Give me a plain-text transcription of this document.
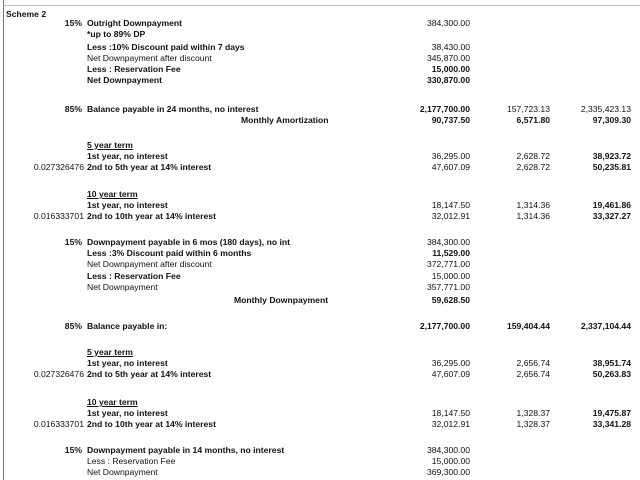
Scheme 2
15% Outright Downpayment	384,300.00
*up to 89% DP
Less :10% Discount paid within 7 days	38,430.00
Net Downpayment after discount	345,870.00
Less : Reservation Fee	15,000.00
Net Downpayment	330,870.00
85% Balance payable in 24 months, no interest	2,177,700.00	157,723.13	2,335,423.13
Monthly Amortization	90,737.50	6,571.80	97,309.30
5 year term
1st year, no interest	36,295.00	2,628.72	38,923.72
0.027326476 2nd to 5th year at 14% interest	47,607.09	2,628.72	50,235.81
10 year term
1st year, no interest	18,147.50	1,314.36	19,461.86
0.016333701 2nd to 10th year at 14% interest	32,012.91	1,314.36	33,327.27
15% Downpayment payable in 6 mos (180 days), no int	384,300.00
Less :3% Discount paid within 6 months	11,529.00
Net Downpayment after discount	372,771.00
Less : Reservation Fee	15,000.00
Net Downpayment	357,771.00
Monthly Downpayment	59,628.50
85% Balance payable in:	2,177,700.00	159,404.44	2,337,104.44
5 year term
1st year, no interest	36,295.00	2,656.74	38,951.74
0.027326476 2nd to 5th year at 14% interest	47,607.09	2,656.74	50,263.83
10 year term
1st year, no interest	18,147.50	1,328.37	19,475.87
0.016333701 2nd to 10th year at 14% interest	32,012.91	1,328.37	33,341.28
15% Downpayment payable in 14 months, no interest	384,300.00
Less : Reservation Fee	15,000.00
Net Downpayment	369,300.00
